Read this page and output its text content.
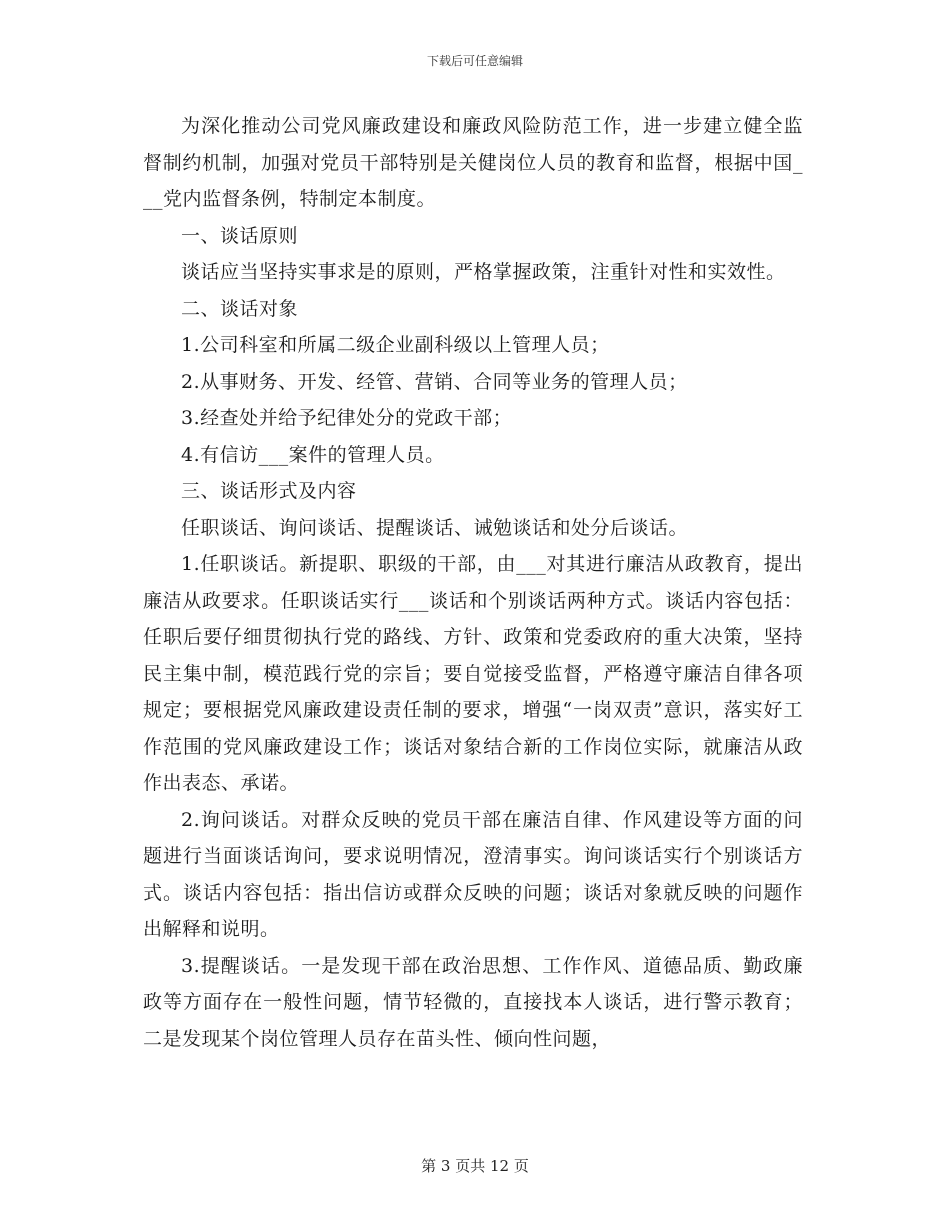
下载后可任意编辑

为深化推动公司党风廉政建设和廉政风险防范工作，进一步建立健全监督制约机制，加强对党员干部特别是关健岗位人员的教育和监督，根据中国___党内监督条例，特制定本制度。

一、谈话原则

谈话应当坚持实事求是的原则，严格掌握政策，注重针对性和实效性。

二、谈话对象

1.公司科室和所属二级企业副科级以上管理人员；

2.从事财务、开发、经管、营销、合同等业务的管理人员；

3.经查处并给予纪律处分的党政干部；

4.有信访___案件的管理人员。

三、谈话形式及内容

任职谈话、询问谈话、提醒谈话、诫勉谈话和处分后谈话。

1.任职谈话。新提职、职级的干部，由___对其进行廉洁从政教育，提出廉洁从政要求。任职谈话实行___谈话和个别谈话两种方式。谈话内容包括：任职后要仔细贯彻执行党的路线、方针、政策和党委政府的重大决策，坚持民主集中制，模范践行党的宗旨；要自觉接受监督，严格遵守廉洁自律各项规定；要根据党风廉政建设责任制的要求，增强“一岗双责”意识，落实好工作范围的党风廉政建设工作；谈话对象结合新的工作岗位实际，就廉洁从政作出表态、承诺。

2.询问谈话。对群众反映的党员干部在廉洁自律、作风建设等方面的问题进行当面谈话询问，要求说明情况，澄清事实。询问谈话实行个别谈话方式。谈话内容包括：指出信访或群众反映的问题；谈话对象就反映的问题作出解释和说明。

3.提醒谈话。一是发现干部在政治思想、工作作风、道德品质、勤政廉政等方面存在一般性问题，情节轻微的，直接找本人谈话，进行警示教育；二是发现某个岗位管理人员存在苗头性、倾向性问题，

第 3 页共 12 页
